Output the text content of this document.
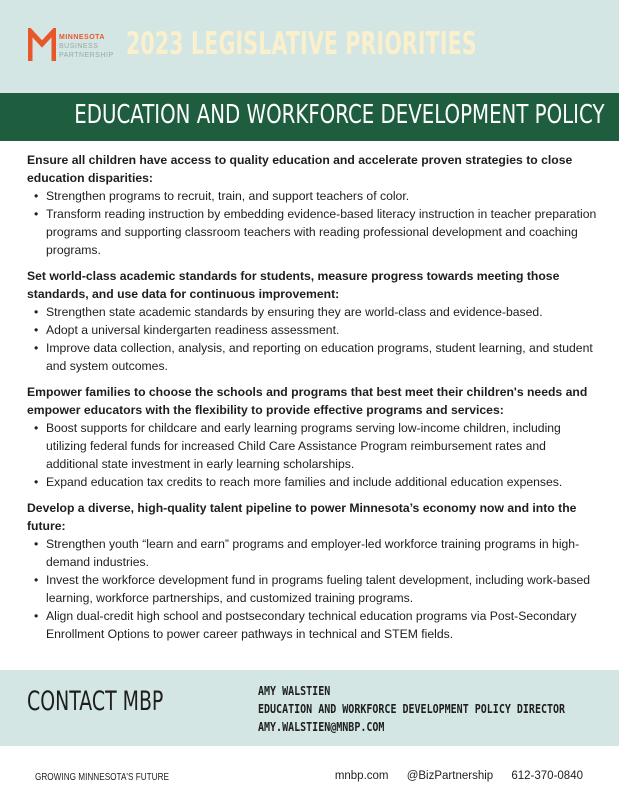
MINNESOTA
BUSINESS
PARTNERSHIP 2023 LEGISLATIVE PRIORITIES
EDUCATION AND WORKFORCE DEVELOPMENT POLICY
Ensure all children have access to quality education and accelerate proven strategies to close education disparities:
• Strengthen programs to recruit, train, and support teachers of color.
• Transform reading instruction by embedding evidence-based literacy instruction in teacher preparation programs and supporting classroom teachers with reading professional development and coaching programs.
Set world-class academic standards for students, measure progress towards meeting those standards, and use data for continuous improvement:
• Strengthen state academic standards by ensuring they are world-class and evidence-based.
• Adopt a universal kindergarten readiness assessment.
• Improve data collection, analysis, and reporting on education programs, student learning, and student and system outcomes.
Empower families to choose the schools and programs that best meet their children's needs and empower educators with the flexibility to provide effective programs and services:
• Boost supports for childcare and early learning programs serving low-income children, including utilizing federal funds for increased Child Care Assistance Program reimbursement rates and additional state investment in early learning scholarships.
• Expand education tax credits to reach more families and include additional education expenses.
Develop a diverse, high-quality talent pipeline to power Minnesota’s economy now and into the future:
• Strengthen youth “learn and earn” programs and employer-led workforce training programs in high-demand industries.
• Invest the workforce development fund in programs fueling talent development, including work-based learning, workforce partnerships, and customized training programs.
• Align dual-credit high school and postsecondary technical education programs via Post-Secondary Enrollment Options to power career pathways in technical and STEM fields.
CONTACT MBP	AMY WALSTIEN
EDUCATION AND WORKFORCE DEVELOPMENT POLICY DIRECTOR
AMY.WALSTIEN@MNBP.COM
GROWING MINNESOTA'S FUTURE	mnbp.com @BizPartnership 612-370-0840
